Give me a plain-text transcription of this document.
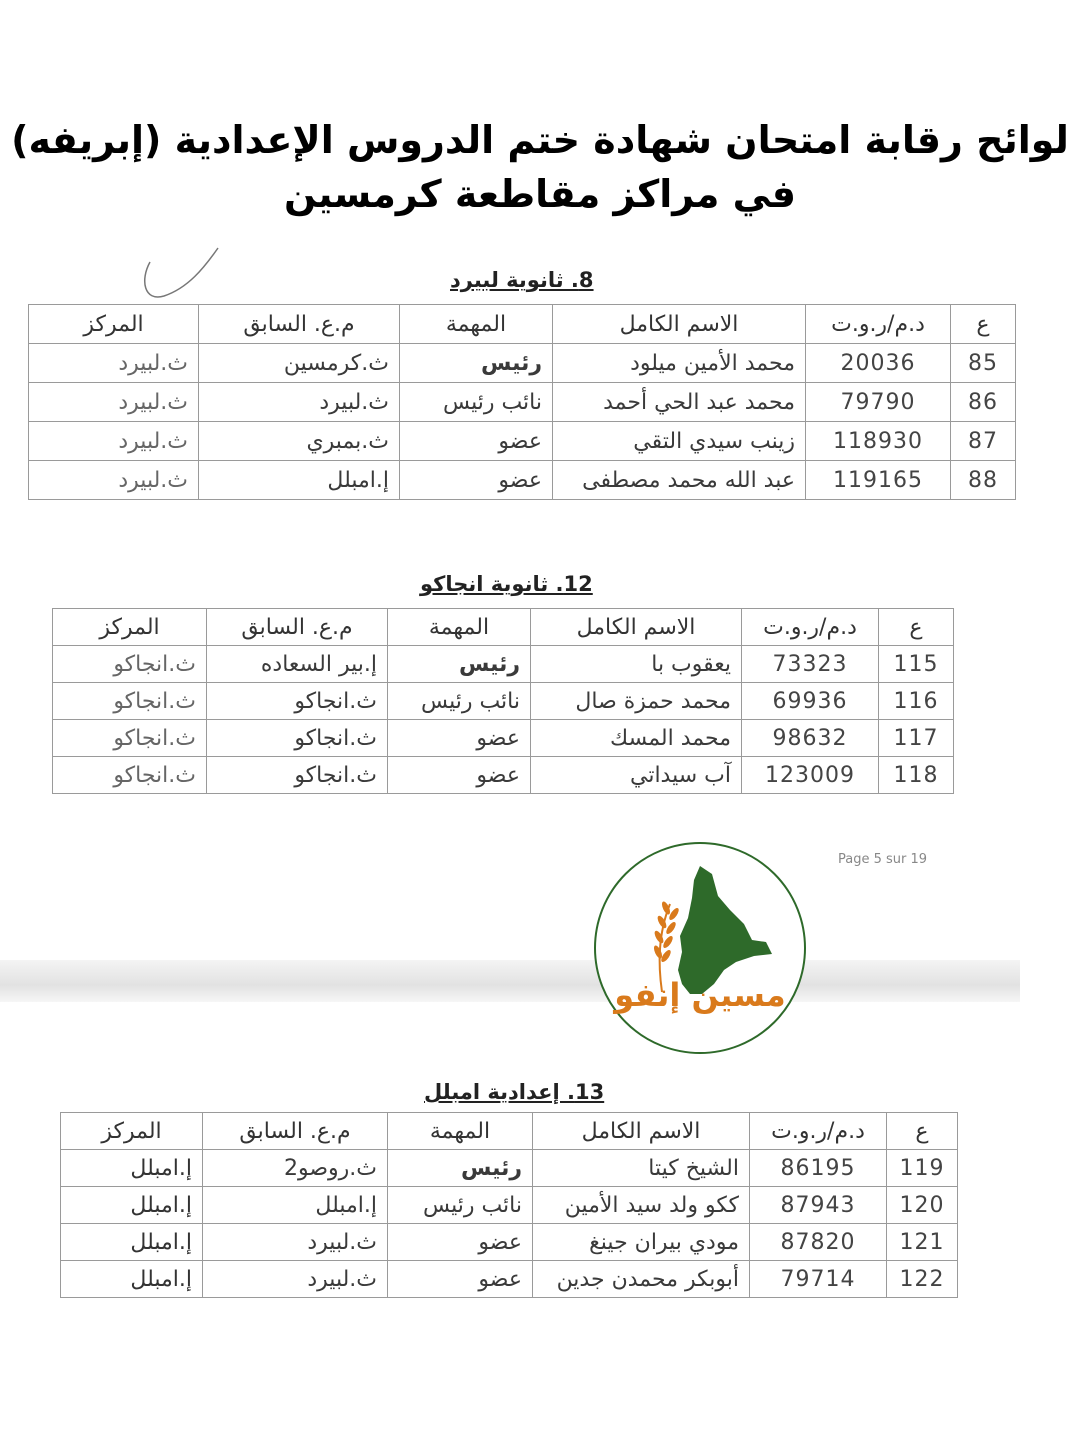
لوائح رقابة امتحان شهادة ختم الدروس الإعدادية (إبريفه)
في مراكز مقاطعة كرمسين
8. ثانوية لبيرد
ع	د.م/ر.و.ت	الاسم الكامل	المهمة	م.ع. السابق	المركز
85	20036	محمد الأمين ميلود	رئيس	ث.كرمسين	ث.لبيرد
86	79790	محمد عبد الحي أحمد	نائب رئيس	ث.لبيرد	ث.لبيرد
87	118930	زينب سيدي التقي	عضو	ث.بمبري	ث.لبيرد
88	119165	عبد الله محمد مصطفى	عضو	إ.امبلل	ث.لبيرد
12. ثانوية انجاكو
ع	د.م/ر.و.ت	الاسم الكامل	المهمة	م.ع. السابق	المركز
115	73323	يعقوب با	رئيس	إ.بير السعاده	ث.انجاكو
116	69936	محمد حمزة صال	نائب رئيس	ث.انجاكو	ث.انجاكو
117	98632	محمد المسك	عضو	ث.انجاكو	ث.انجاكو
118	123009	آب سيداتي	عضو	ث.انجاكو	ث.انجاكو
Page 5 sur 19
مسين إنفو
13. إعدادية امبلل
ع	د.م/ر.و.ت	الاسم الكامل	المهمة	م.ع. السابق	المركز
119	86195	الشيخ كيتا	رئيس	ث.روصو2	إ.امبلل
120	87943	ككو ولد سيد الأمين	نائب رئيس	إ.امبلل	إ.امبلل
121	87820	مودي بيران جينغ	عضو	ث.لبيرد	إ.امبلل
122	79714	أبوبكر محمدن جدين	عضو	ث.لبيرد	إ.امبلل
